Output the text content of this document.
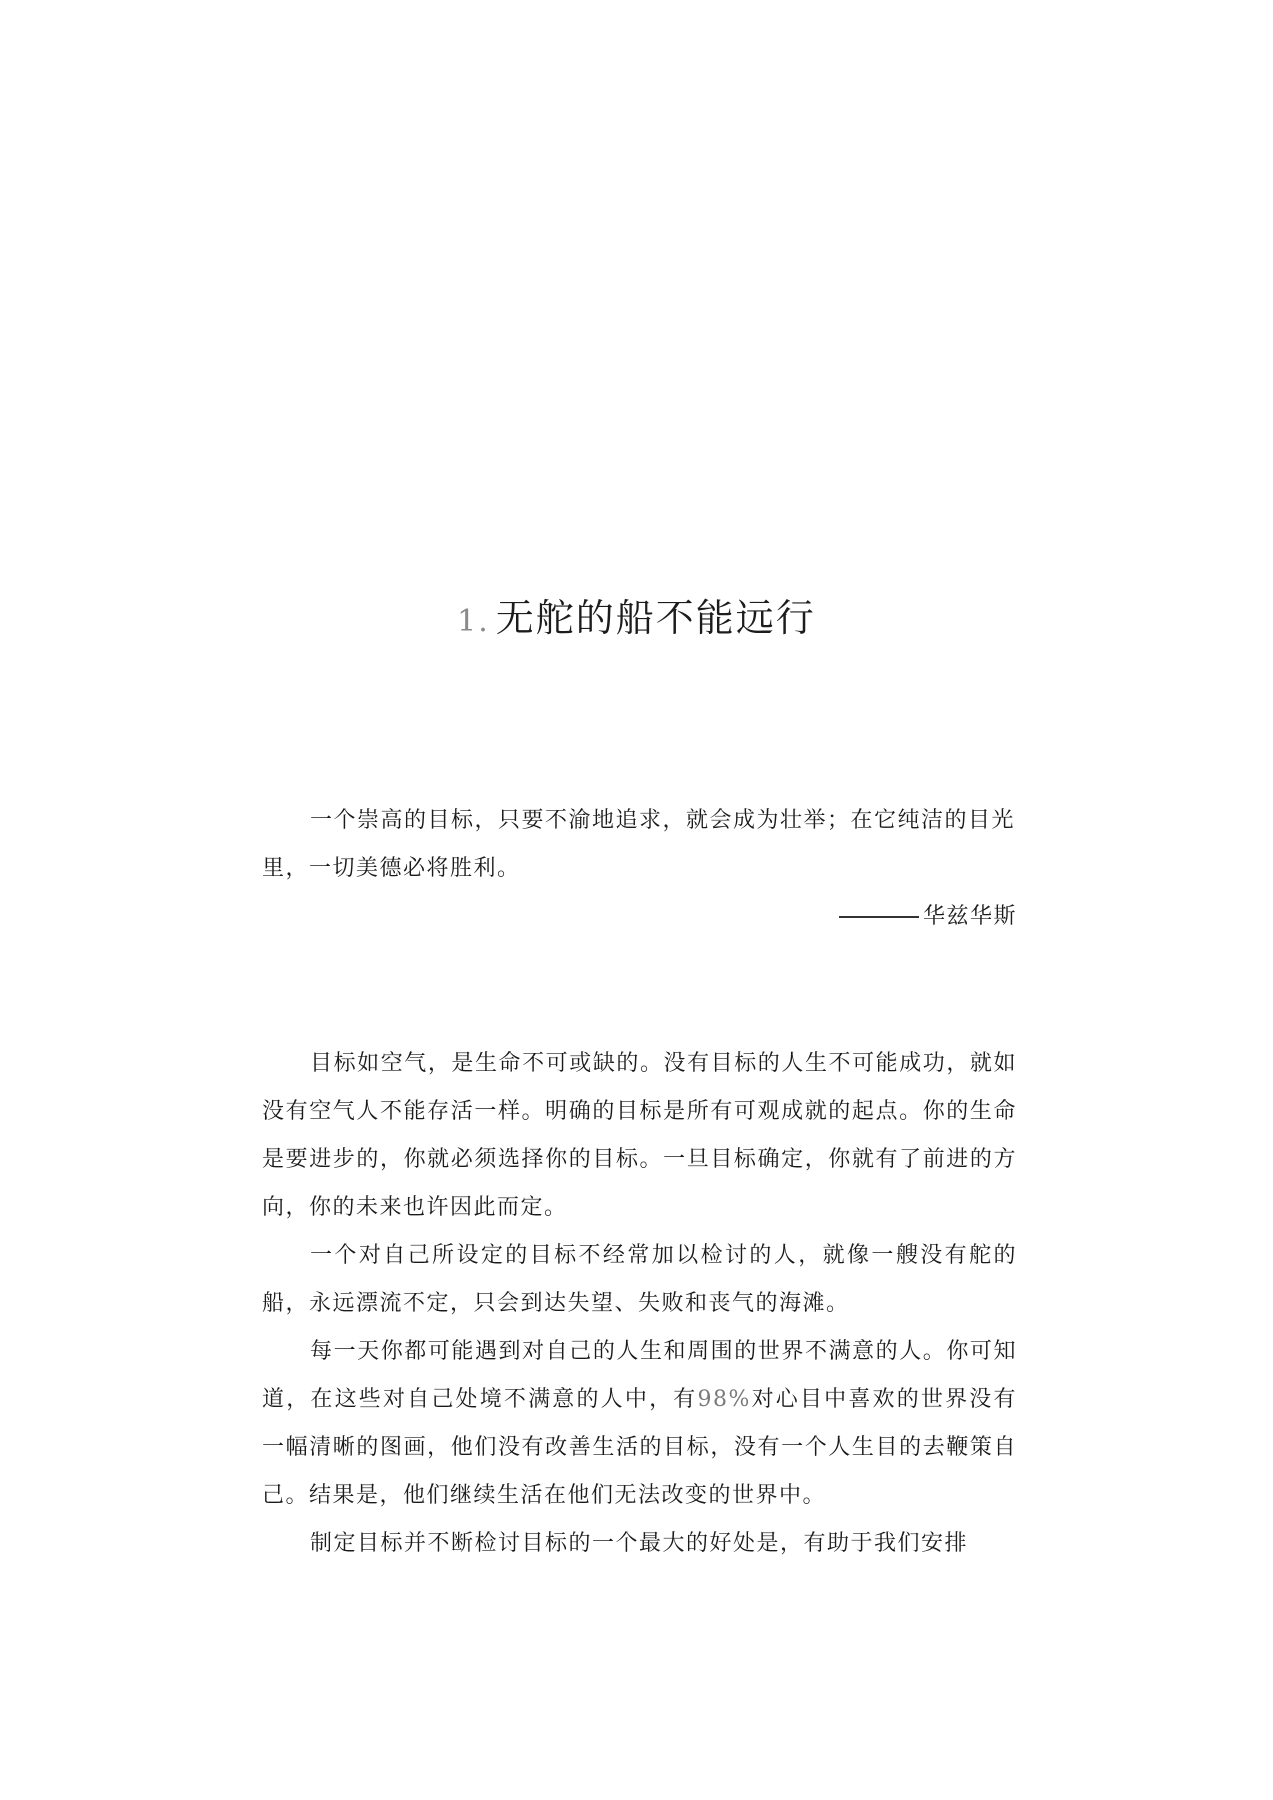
1. 无舵的船不能远行

一个崇高的目标，只要不渝地追求，就会成为壮举；在它纯洁的目光里，一切美德必将胜利。

华兹华斯

目标如空气，是生命不可或缺的。没有目标的人生不可能成功，就如没有空气人不能存活一样。明确的目标是所有可观成就的起点。你的生命是要进步的，你就必须选择你的目标。一旦目标确定，你就有了前进的方向，你的未来也许因此而定。

一个对自己所设定的目标不经常加以检讨的人，就像一艘没有舵的船，永远漂流不定，只会到达失望、失败和丧气的海滩。

每一天你都可能遇到对自己的人生和周围的世界不满意的人。你可知道，在这些对自己处境不满意的人中，有98%对心目中喜欢的世界没有一幅清晰的图画，他们没有改善生活的目标，没有一个人生目的去鞭策自己。结果是，他们继续生活在他们无法改变的世界中。

制定目标并不断检讨目标的一个最大的好处是，有助于我们安排
